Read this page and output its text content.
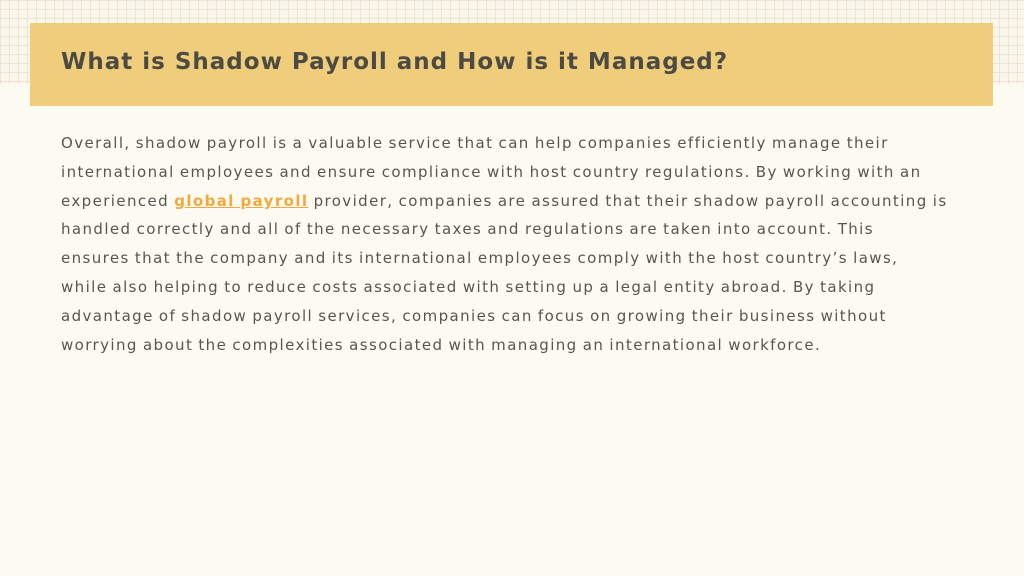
What is Shadow Payroll and How is it Managed?

Overall, shadow payroll is a valuable service that can help companies efficiently manage their
international employees and ensure compliance with host country regulations. By working with an
experienced global payroll provider, companies are assured that their shadow payroll accounting is
handled correctly and all of the necessary taxes and regulations are taken into account. This
ensures that the company and its international employees comply with the host country’s laws,
while also helping to reduce costs associated with setting up a legal entity abroad. By taking
advantage of shadow payroll services, companies can focus on growing their business without
worrying about the complexities associated with managing an international workforce.
